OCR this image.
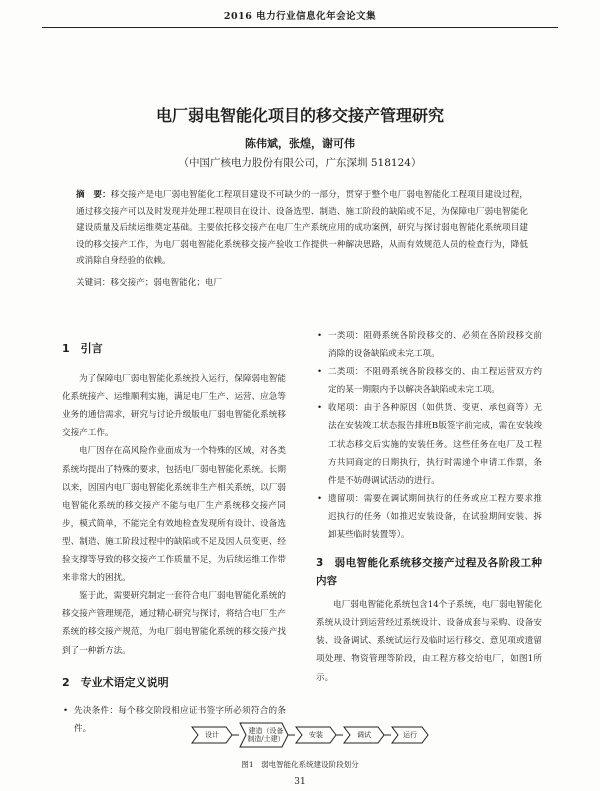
2016 电力行业信息化年会论文集
电厂弱电智能化项目的移交接产管理研究
陈伟斌，张煌，谢可伟
（中国广核电力股份有限公司，广东深圳 518124）
摘　要：移交接产是电厂弱电智能化工程项目建设不可缺少的一部分，贯穿于整个电厂弱电智能化工程项目建设过程，通过移交接产可以及时发现并处理工程项目在设计、设备选型、制造、施工阶段的缺陷或不足，为保障电厂弱电智能化建设质量及后续运维奠定基础。主要依托移交接产在电厂生产系统应用的成功案例，研究与探讨弱电智能化系统项目建设的移交接产工作，为电厂弱电智能化系统移交接产验收工作提供一种解决思路，从而有效规范人员的检查行为，降低或消除自身经验的依赖。
关键词：移交接产；弱电智能化；电厂
1　引言

为了保障电厂弱电智能化系统投入运行，保障弱电智能化系统接产、运维顺利实施，满足电厂生产、运营、应急等业务的通信需求，研究与讨论升级版电厂弱电智能化系统移交接产工作。

电厂因存在高风险作业面成为一个特殊的区域，对各类系统均提出了特殊的要求，包括电厂弱电智能化系统。长期以来，因国内电厂弱电智能化系统非生产相关系统，以厂弱电智能化系统的移交接产不能与电厂生产系统移交接产同步，模式简单，不能完全有效地检查发现所有设计、设备选型、制造、施工阶段过程中的缺陷或不足及因人员变更、经验支撑等导致的移交接产工作质量不足，为后续运维工作带来非常大的困扰。

鉴于此，需要研究制定一套符合电厂弱电智能化系统的移交接产管理规范，通过精心研究与探讨，将结合电厂生产系统的移交接产规范，为电厂弱电智能化系统的移交接产找到了一种新方法。

2　专业术语定义说明

• 先决条件：每个移交阶段相应证书签字所必须符合的条件。

• 一类项：阻碍系统各阶段移交的、必须在各阶段移交前消除的设备缺陷或未完工项。

• 二类项：不阻碍系统各阶段移交的、由工程运营双方约定的某一期限内予以解决各缺陷或未完工项。

• 收尾项：由于各种原因（如供货、变更、承包商等）无法在安装竣工状态报告排班B版签字前完成，需在安装竣工状态移交后实施的安装任务。这些任务在电厂及工程方共同商定的日期执行，执行时需递个申请工作票，条件是不妨碍调试活动的进行。

• 遗留项：需要在调试期间执行的任务或应工程方要求推迟执行的任务（如推迟安装设备，在试验期间安装、拆卸某些临时装置等）。

3　弱电智能化系统移交接产过程及各阶段工种内容

电厂弱电智能化系统包含14个子系统，电厂弱电智能化系统从设计到运营经过系统设计、设备成套与采购、设备安装、设备调试、系统试运行及临时运行移交、意见项或遗留项处理、物资管理等阶段，由工程方移交给电厂，如图1所示。

设计	建造（设备制造/土建）	安装	调试	运行
图1　弱电智能化系统建设阶段划分
31
